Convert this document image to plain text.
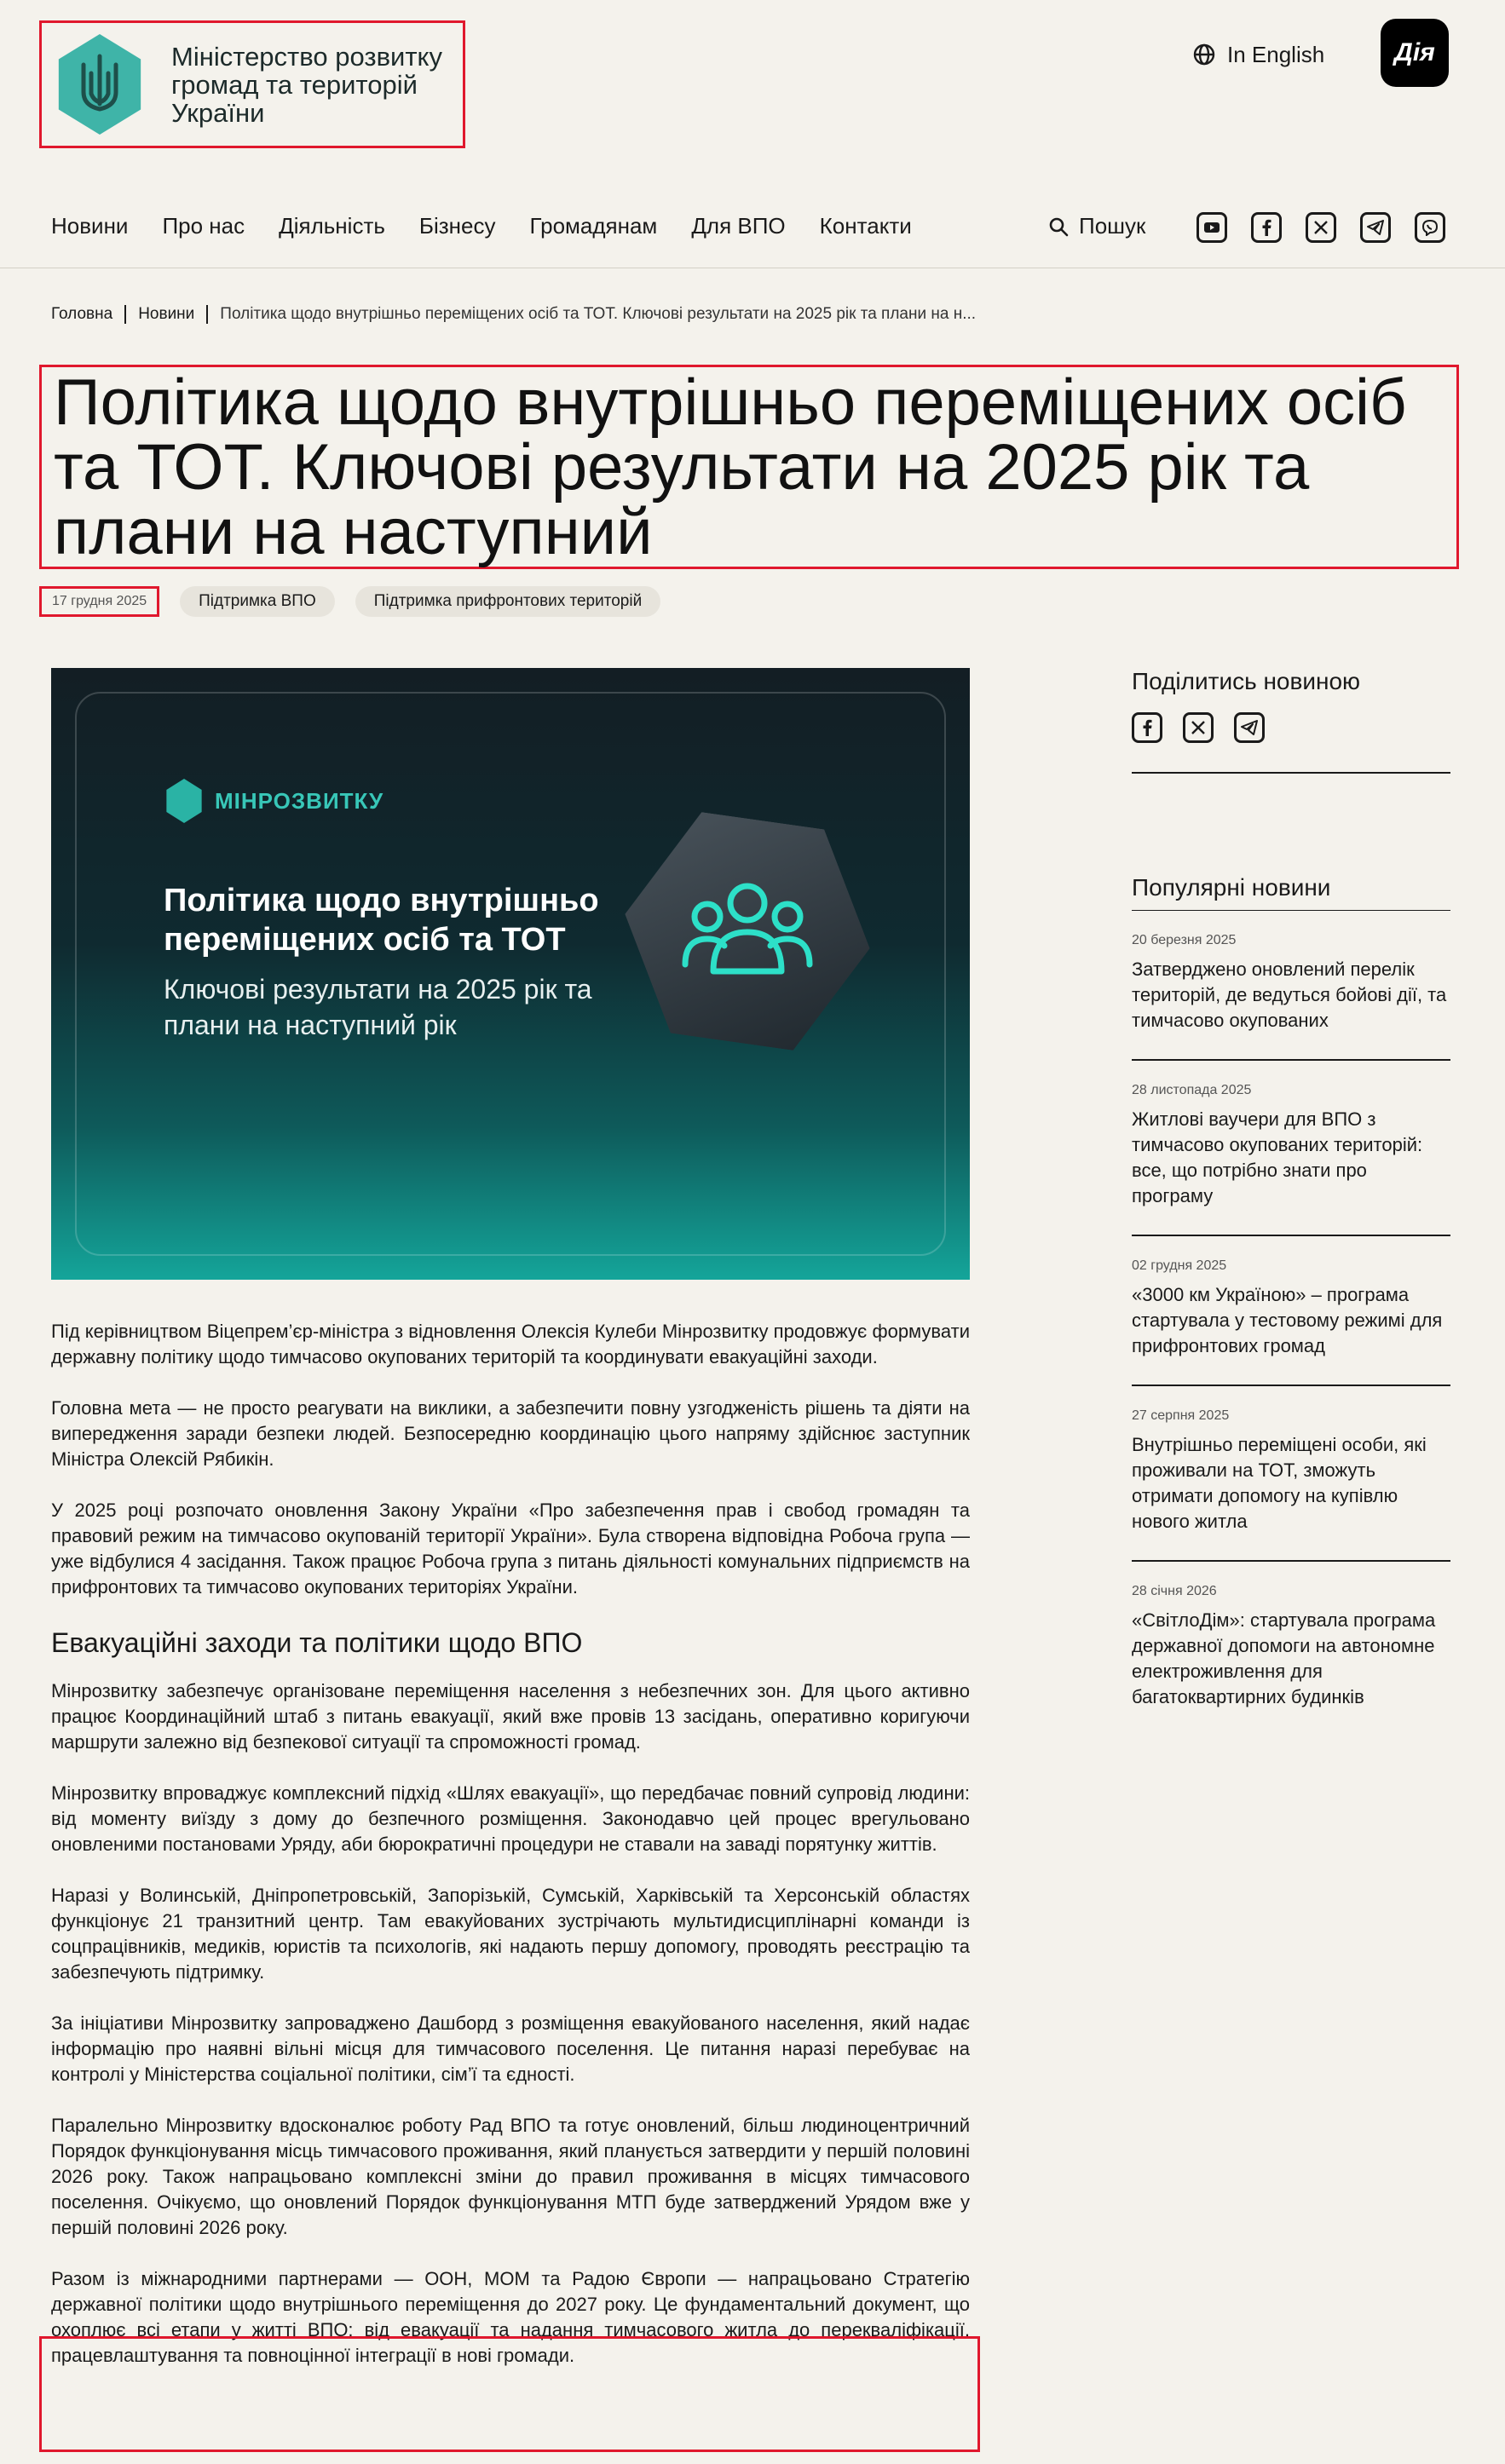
Міністерство розвитку
громад та територій
України
In English	Дія
Новини Про нас Діяльність Бізнесу Громадянам Для ВПО Контакти	Пошук
Головна Новини Політика щодо внутрішньо переміщених осіб та ТОТ. Ключові результати на 2025 рік та плани на н...
Політика щодо внутрішньо переміщених осіб та ТОТ. Ключові результати на 2025 рік та плани на наступний
17 грудня 2025	Підтримка ВПО	Підтримка прифронтових територій
МІНРОЗВИТКУ
Політика щодо внутрішньо переміщених осіб та ТОТ
Ключові результати на 2025 рік та плани на наступний рік

Під керівництвом Віцепрем’єр-міністра з відновлення Олексія Кулеби Мінрозвитку продовжує формувати державну політику щодо тимчасово окупованих територій та координувати евакуаційні заходи.

Головна мета — не просто реагувати на виклики, а забезпечити повну узгодженість рішень та діяти на випередження заради безпеки людей. Безпосередню координацію цього напряму здійснює заступник Міністра Олексій Рябикін.

У 2025 році розпочато оновлення Закону України «Про забезпечення прав і свобод громадян та правовий режим на тимчасово окупованій території України». Була створена відповідна Робоча група — уже відбулися 4 засідання. Також працює Робоча група з питань діяльності комунальних підприємств на прифронтових та тимчасово окупованих територіях України.

Евакуаційні заходи та політики щодо ВПО

Мінрозвитку забезпечує організоване переміщення населення з небезпечних зон. Для цього активно працює Координаційний штаб з питань евакуації, який вже провів 13 засідань, оперативно коригуючи маршрути залежно від безпекової ситуації та спроможності громад.

Мінрозвитку впроваджує комплексний підхід «Шлях евакуації», що передбачає повний супровід людини: від моменту виїзду з дому до безпечного розміщення. Законодавчо цей процес врегульовано оновленими постановами Уряду, аби бюрократичні процедури не ставали на заваді порятунку життів.

Наразі у Волинській, Дніпропетровській, Запорізькій, Сумській, Харківській та Херсонській областях функціонує 21 транзитний центр. Там евакуйованих зустрічають мультидисциплінарні команди із соцпрацівників, медиків, юристів та психологів, які надають першу допомогу, проводять реєстрацію та забезпечують підтримку.

За ініціативи Мінрозвитку запроваджено Дашборд з розміщення евакуйованого населення, який надає інформацію про наявні вільні місця для тимчасового поселення. Це питання наразі перебуває на контролі у Міністерства соціальної політики, сім’ї та єдності.

Паралельно Мінрозвитку вдосконалює роботу Рад ВПО та готує оновлений, більш людиноцентричний Порядок функціонування місць тимчасового проживання, який планується затвердити у першій половині 2026 року. Також напрацьовано комплексні зміни до правил проживання в місцях тимчасового поселення. Очікуємо, що оновлений Порядок функціонування МТП буде затверджений Урядом вже у першій половині 2026 року.

Разом із міжнародними партнерами — ООН, МОМ та Радою Європи — напрацьовано Стратегію державної політики щодо внутрішнього переміщення до 2027 року. Це фундаментальний документ, що охоплює всі етапи у житті ВПО: від евакуації та надання тимчасового житла до перекваліфікації, працевлаштування та повноцінної інтеграції в нові громади.

Поділитись новиною
Популярні новини
20 березня 2025
Затверджено оновлений перелік територій, де ведуться бойові дії, та тимчасово окупованих
28 листопада 2025
Житлові ваучери для ВПО з тимчасово окупованих територій: все, що потрібно знати про програму
02 грудня 2025
«3000 км Україною» – програма стартувала у тестовому режимі для прифронтових громад
27 серпня 2025
Внутрішньо переміщені особи, які проживали на ТОТ, зможуть отримати допомогу на купівлю нового житла
28 січня 2026
«СвітлоДім»: стартувала програма державної допомоги на автономне електроживлення для багатоквартирних будинків
